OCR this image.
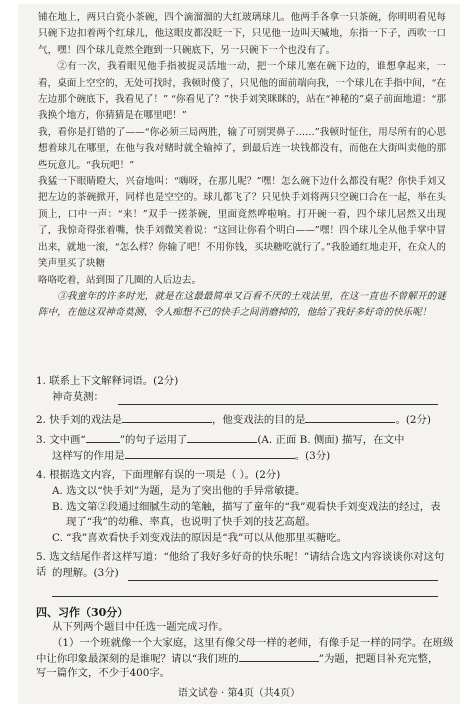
铺在地上，两只白瓷小茶碗，四个滴溜溜的大红玻璃球儿。他两手各拿一只茶碗，你明明看见每只碗下边扣着两个红球儿，他这眼皮都没眨一下，只见他一边叫天喊地，东指一下子，西吹一口气，嘿！四个球儿竟然全跑到一只碗底下，另一只碗下一个也没有了。

②有一次，我看眼见他手指被捉灵活地一动，把一个球儿塞在碗下边的，谁想拿起来，一看，桌面上空空的，无处可找时，我顿时傻了，只见他的面前端向我，一个球儿在手指中间，“在左边那个碗底下，我看见了！” “你看见了？”快手刘笑眯眯的，站在“神秘的”桌子前面地道：“那我换个地方，你猜猜是在哪里吧！”

我，看你是打错的了——“你必须三局两胜，输了可别哭鼻子……”我顿时怔住，用尽所有的心思想着球儿在哪里，在他与我对赌时就全输掉了，到最后连一块钱都没有，而他在大街叫卖他的那些玩意儿。“我玩吧！”

我猛一下眼睛瞪大，兴奋地叫：“嗨呀，在那儿呢？”嘿！怎么碗下边什么都没有呢？你快手刘又把左边的茶碗掀开，同样也是空空的。球儿都飞了？只见快手刘将两只空碗口合在一起，举在头顶上，口中一声：“来！”双手一搓茶碗，里面竟然哗啦响。打开碗一看，四个球儿居然又出现了，我惊奇得张着嘴，快手刘微笑着说：“这回让你看个明白——”嘿！四个球儿全从他手掌中冒出来，就地一滚，“怎么样？你输了吧！不用你钱，买块糖吃就行了。”我脸通红地走开，在众人的笑声里买了块糖

咯咯吃着，站到围了几圈的人后边去。

③我童年的许多时光，就是在这最最简单又百看不厌的土戏法里，在这一直也不曾解开的谜阵中，在他这双神奇莫测、令人痴想不已的快手之间消磨掉的，他给了我好多好奇的快乐呢！

1. 联系上下文解释词语。(2分)
神奇莫测：
2. 快手刘的戏法是	，他变戏法的目的是	。(2分)
3. 文中画“	”的句子运用了	(A. 正面 B. 侧面) 描写，在文中
这样写的作用是	。(3分)
4. 根据选文内容，下面理解有误的一项是（ ）。(2分)
A. 选文以“快手刘”为题，是为了突出他的手异常敏捷。
B. 选文第②段通过细腻生动的笔触，描写了童年的“我”观看快手刘变戏法的经过，表
现了“我”的幼稚、率真，也说明了快手刘的技艺高超。
C. “我”喜欢看快手刘变戏法的原因是“我”可以从他那里买糖吃。
5. 选文结尾作者这样写道：“他给了我好多好奇的快乐呢！”请结合选文内容谈谈你对这句话 的理解。(3分)
四、习作（30分）
从下列两个题目中任选一题完成习作。
（1）一个班就像一个大家庭，这里有像父母一样的老师，有像手足一样的同学。在班级
中让你印象最深刻的是谁呢？请以“我们班的	”为题，把题目补充完整，
写一篇作文，不少于400字。
语文试卷 · 第4页（共4页）
